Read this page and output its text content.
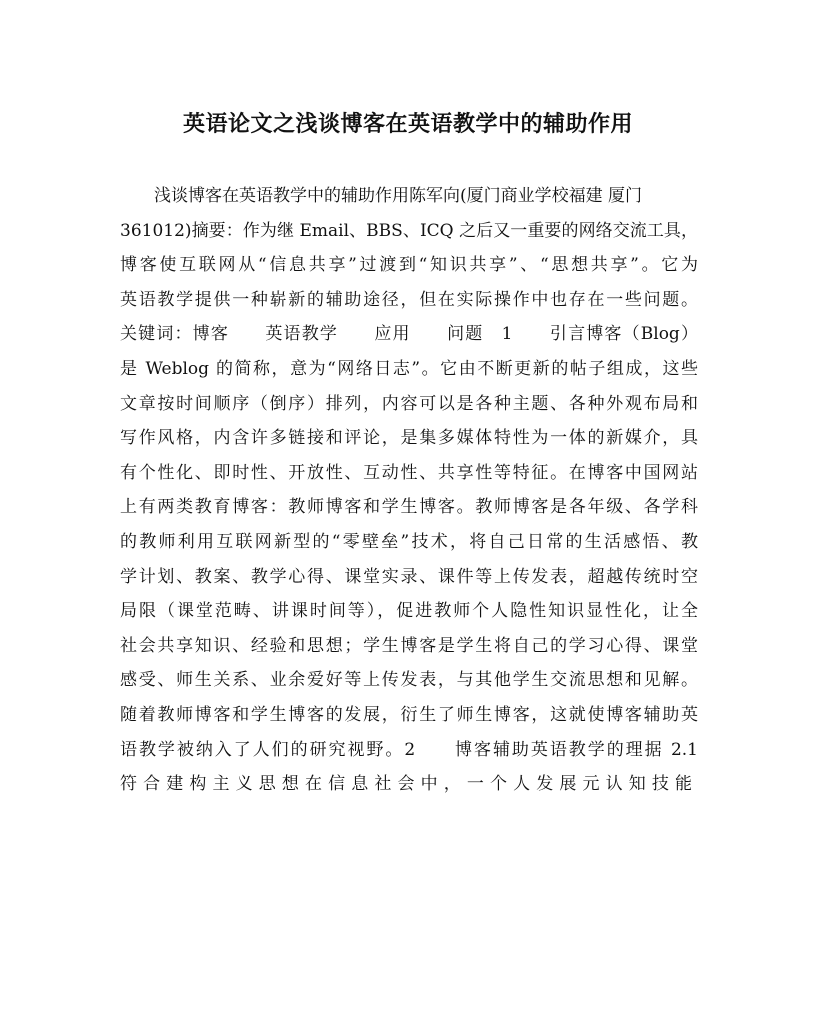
英语论文之浅谈博客在英语教学中的辅助作用
浅谈博客在英语教学中的辅助作用陈军向(厦门商业学校福建 厦门
361012)摘要：作为继 Email、BBS、ICQ 之后又一重要的网络交流工具，
博客使互联网从“信息共享”过渡到“知识共享”、“思想共享”。它为
英语教学提供一种崭新的辅助途径，但在实际操作中也存在一些问题。
关键词：博客　　英语教学　　应用　　问题　1　　引言博客（Blog）
是 Weblog 的简称，意为“网络日志”。它由不断更新的帖子组成，这些
文章按时间顺序（倒序）排列，内容可以是各种主题、各种外观布局和
写作风格，内含许多链接和评论，是集多媒体特性为一体的新媒介，具
有个性化、即时性、开放性、互动性、共享性等特征。在博客中国网站
上有两类教育博客：教师博客和学生博客。教师博客是各年级、各学科
的教师利用互联网新型的“零壁垒”技术，将自己日常的生活感悟、教
学计划、教案、教学心得、课堂实录、课件等上传发表，超越传统时空
局限（课堂范畴、讲课时间等），促进教师个人隐性知识显性化，让全
社会共享知识、经验和思想；学生博客是学生将自己的学习心得、课堂
感受、师生关系、业余爱好等上传发表，与其他学生交流思想和见解。
随着教师博客和学生博客的发展，衍生了师生博客，这就使博客辅助英
语教学被纳入了人们的研究视野。2　　博客辅助英语教学的理据 2.1
符合建构主义思想在信息社会中，一个人发展元认知技能
